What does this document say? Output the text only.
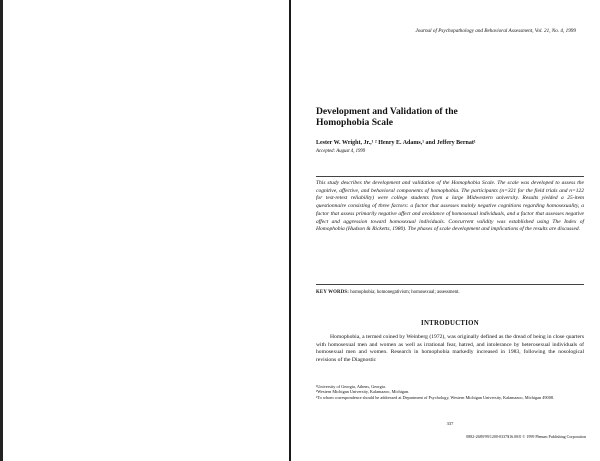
Journal of Psychopathology and Behavioral Assessment, Vol. 21, No. 4, 1999
Development and Validation of the
Homophobia Scale
Lester W. Wright, Jr.,¹ ² Henry E. Adams,¹ and Jeffery Bernat¹
Accepted: August 4, 1999
This study describes the development and validation of the Homophobia Scale. The scale was developed to assess the cognitive, affective, and behavioral components of homophobia. The participants (n=321 for the field trials and n=122 for test-retest reliability) were college students from a large Midwestern university. Results yielded a 25-item questionnaire consisting of three factors: a factor that assesses mainly negative cognitions regarding homosexuality, a factor that assess primarily negative affect and avoidance of homosexual individuals, and a factor that assesses negative affect and aggression toward homosexual individuals. Concurrent validity was established using The Index of Homophobia (Hudson & Ricketts, 1980). The phases of scale development and implications of the results are discussed.
KEY WORDS: homophobia; homonegativism; homosexual; assessment.
INTRODUCTION

Homophobia, a termed coined by Weinberg (1972), was originally defined as the dread of being in close quarters with homosexual men and women as well as irrational fear, hatred, and intolerance by heterosexual individuals of homosexual men and women. Research in homophobia markedly increased in 1983, following the nosological revisions of the Diagnostic

¹University of Georgia, Athens, Georgia.
²Western Michigan University, Kalamazoo, Michigan.
³To whom correspondence should be addressed at Department of Psychology, Western Michigan University, Kalamazoo, Michigan 49008.
337
0882-2689/99/1200-0337$16.00/0 © 1999 Plenum Publishing Corporation
